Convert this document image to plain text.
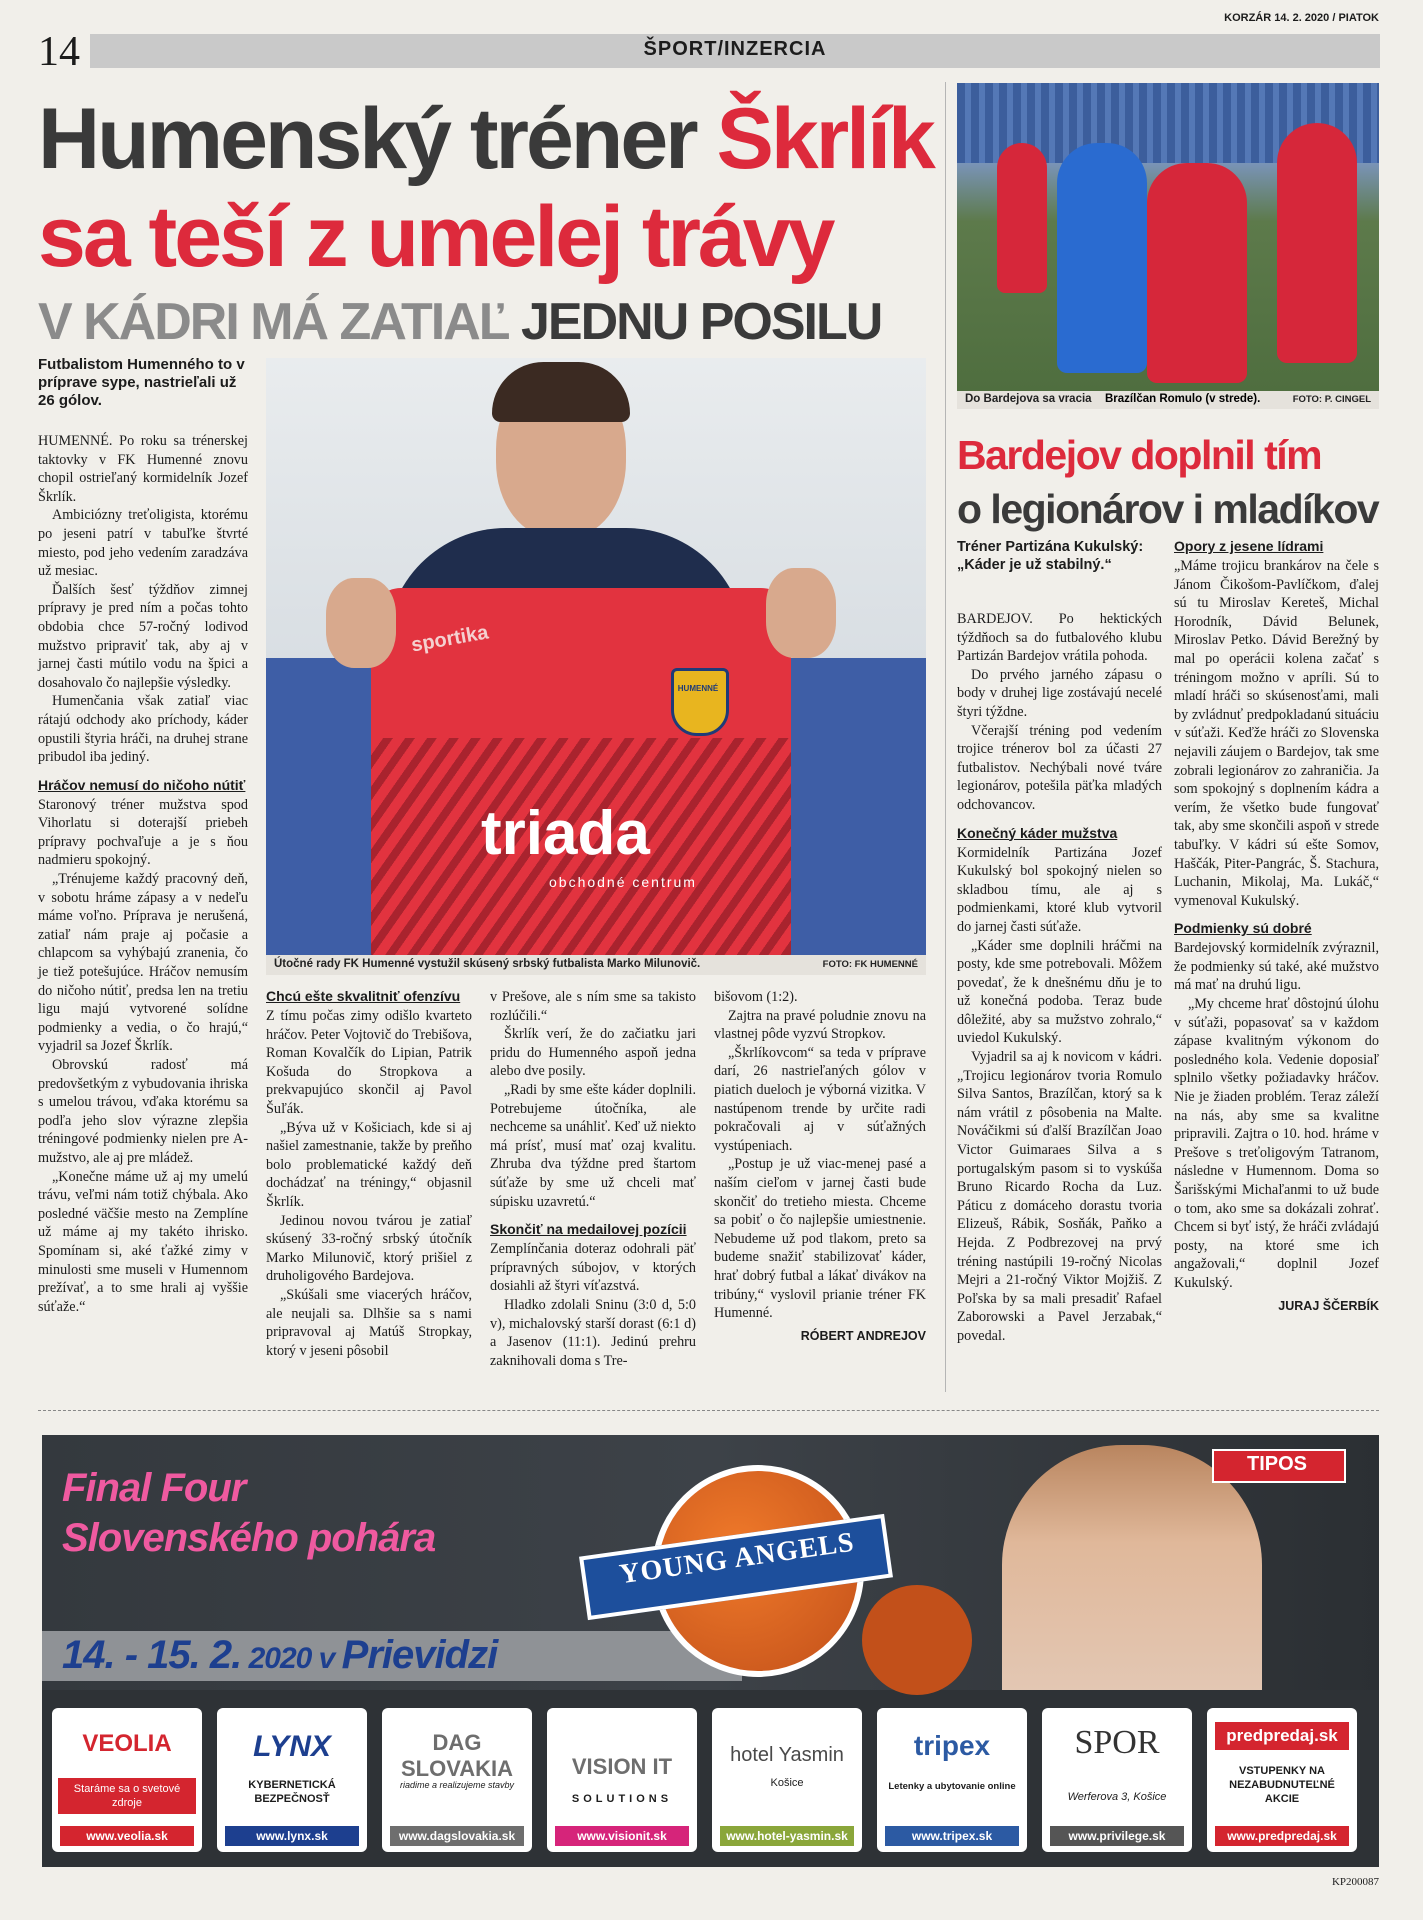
14
KORZÁR 14. 2. 2020 / PIATOK
ŠPORT/INZERCIA
Humenský tréner Škrlík
sa teší z umelej trávy
V KÁDRI MÁ ZATIAĽ JEDNU POSILU
Futbalistom Humenného to v príprave sype, nastrieľali už 26 gólov.
sportika
HUMENNÉ
triada
obchodné centrum
Útočné rady FK Humenné vystužil skúsený srbský futbalista Marko Milunovič.	FOTO: FK HUMENNÉ

HUMENNÉ. Po roku sa trénerskej taktovky v FK Humenné znovu chopil ostrieľaný kormidelník Jozef Škrlík.

Ambiciózny treťoligista, ktorému po jeseni patrí v tabuľke štvrté miesto, pod jeho vedením zaradzáva už mesiac.

Ďalších šesť týždňov zimnej prípravy je pred ním a počas tohto obdobia chce 57-ročný lodivod mužstvo pripraviť tak, aby aj v jarnej časti mútilo vodu na špici a dosahovalo čo najlepšie výsledky.

Humenčania však zatiaľ viac rátajú odchody ako príchody, káder opustili štyria hráči, na druhej strane pribudol iba jediný.

Hráčov nemusí do ničoho nútiť

Staronový tréner mužstva spod Vihorlatu si doterajší priebeh prípravy pochvaľuje a je s ňou nadmieru spokojný.

„Trénujeme každý pracovný deň, v sobotu hráme zápasy a v nedeľu máme voľno. Príprava je nerušená, zatiaľ nám praje aj počasie a chlapcom sa vyhýbajú zranenia, čo je tiež potešujúce. Hráčov nemusím do ničoho nútiť, predsa len na tretiu ligu majú vytvorené solídne podmienky a vedia, o čo hrajú,“ vyjadril sa Jozef Škrlík.

Obrovskú radosť má predovšetkým z vybudovania ihriska s umelou trávou, vďaka ktorému sa podľa jeho slov výrazne zlepšia tréningové podmienky nielen pre A-mužstvo, ale aj pre mládež.

„Konečne máme už aj my umelú trávu, veľmi nám totiž chýbala. Ako posledné väčšie mesto na Zemplíne už máme aj my takéto ihrisko. Spomínam si, aké ťažké zimy v minulosti sme museli v Humennom prežívať, a to sme hrali aj vyššie súťaže.“

Chcú ešte skvalitniť ofenzívu

Z tímu počas zimy odišlo kvarteto hráčov. Peter Vojtovič do Trebišova, Roman Kovalčík do Lipian, Patrik Košuda do Stropkova a prekvapujúco skončil aj Pavol Šuľák.

„Býva už v Košiciach, kde si aj našiel zamestnanie, takže by preňho bolo problematické každý deň dochádzať na tréningy,“ objasnil Škrlík.

Jedinou novou tvárou je zatiaľ skúsený 33-ročný srbský útočník Marko Milunovič, ktorý prišiel z druholigového Bardejova.

„Skúšali sme viacerých hráčov, ale neujali sa. Dlhšie sa s nami pripravoval aj Matúš Stropkay, ktorý v jeseni pôsobil

v Prešove, ale s ním sme sa takisto rozlúčili.“

Škrlík verí, že do začiatku jari pridu do Humenného aspoň jedna alebo dve posily.

„Radi by sme ešte káder doplnili. Potrebujeme útočníka, ale nechceme sa unáhliť. Keď už niekto má prísť, musí mať ozaj kvalitu. Zhruba dva týždne pred štartom súťaže by sme už chceli mať súpisku uzavretú.“

Skončiť na medailovej pozícii

Zemplínčania doteraz odohrali päť prípravných súbojov, v ktorých dosiahli až štyri víťazstvá.

Hladko zdolali Sninu (3:0 d, 5:0 v), michalovský starší dorast (6:1 d) a Jasenov (11:1). Jedinú prehru zaknihovali doma s Tre-

bišovom (1:2).

Zajtra na pravé poludnie znovu na vlastnej pôde vyzvú Stropkov.

„Škrlíkovcom“ sa teda v príprave darí, 26 nastrieľaných gólov v piatich dueloch je výborná vizitka. V nastúpenom trende by určite radi pokračovali aj v súťažných vystúpeniach.

„Postup je už viac-menej pasé a naším cieľom v jarnej časti bude skončiť do tretieho miesta. Chceme sa pobiť o čo najlepšie umiestnenie. Nebudeme už pod tlakom, preto sa budeme snažiť stabilizovať káder, hrať dobrý futbal a lákať divákov na tribúny,“ vyslovil prianie tréner FK Humenné.

RÓBERT ANDREJOV
Do Bardejova sa vracia Brazílčan Romulo (v strede).	FOTO: P. CINGEL
Bardejov doplnil tím
o legionárov i mladíkov
Tréner Partizána Kukulský: „Káder je už stabilný.“

BARDEJOV. Po hektických týždňoch sa do futbalového klubu Partizán Bardejov vrátila pohoda.

Do prvého jarného zápasu o body v druhej lige zostávajú necelé štyri týždne.

Včerajší tréning pod vedením trojice trénerov bol za účasti 27 futbalistov. Nechýbali nové tváre legionárov, potešila päťka mladých odchovancov.

Konečný káder mužstva

Kormidelník Partizána Jozef Kukulský bol spokojný nielen so skladbou tímu, ale aj s podmienkami, ktoré klub vytvoril do jarnej časti súťaže.

„Káder sme doplnili hráčmi na posty, kde sme potrebovali. Môžem povedať, že k dnešnému dňu je to už konečná podoba. Teraz bude dôležité, aby sa mužstvo zohralo,“ uviedol Kukulský.

Vyjadril sa aj k novicom v kádri. „Trojicu legionárov tvoria Romulo Silva Santos, Brazílčan, ktorý sa k nám vrátil z pôsobenia na Malte. Nováčikmi sú ďalší Brazílčan Joao Victor Guimaraes Silva a s portugalským pasom si to vyskúša Bruno Ricardo Rocha da Luz. Páticu z domáceho dorastu tvoria Elizeuš, Rábik, Sosňák, Paňko a Hejda. Z Podbrezovej na prvý tréning nastúpili 19-ročný Nicolas Mejri a 21-ročný Viktor Mojžiš. Z Poľska by sa mali presadiť Rafael Zaborowski a Pavel Jerzabak,“ povedal.

Opory z jesene lídrami

„Máme trojicu brankárov na čele s Jánom Čikošom-Pavlíčkom, ďalej sú tu Miroslav Kereteš, Michal Horodník, Dávid Belunek, Miroslav Petko. Dávid Berežný by mal po operácii kolena začať s tréningom možno v apríli. Sú to mladí hráči so skúsenosťami, mali by zvládnuť predpokladanú situáciu v súťaži. Keďže hráči zo Slovenska nejavili záujem o Bardejov, tak sme zobrali legionárov zo zahraničia. Ja som spokojný s doplnením kádra a verím, že všetko bude fungovať tak, aby sme skončili aspoň v strede tabuľky. V kádri sú ešte Somov, Haščák, Piter-Pangrác, Š. Stachura, Luchanin, Mikolaj, Ma. Lukáč,“ vymenoval Kukulský.

Podmienky sú dobré

Bardejovský kormidelník zvýraznil, že podmienky sú také, aké mužstvo má mať na druhú ligu.

„My chceme hrať dôstojnú úlohu v súťaži, popasovať sa v každom zápase kvalitným výkonom do posledného kola. Vedenie doposiaľ splnilo všetky požiadavky hráčov. Nie je žiaden problém. Teraz záleží na nás, aby sme sa kvalitne pripravili. Zajtra o 10. hod. hráme v Prešove s treťoligovým Tatranom, následne v Humennom. Doma so Šarišskými Michaľanmi to už bude o tom, ako sme sa dokázali zohrať. Chcem si byť istý, že hráči zvládajú posty, na ktoré sme ich angažovali,“ doplnil Jozef Kukulský.

JURAJ ŠČERBÍK
Final Four
Slovenského pohára
14. - 15. 2. 2020 v Prievidzi
YOUNG ANGELS
TIPOS
VEOLIA
Staráme sa o svetové zdroje
www.veolia.sk
LYNX
KYBERNETICKÁ BEZPEČNOSŤ
www.lynx.sk
DAG SLOVAKIA
riadime a realizujeme stavby
www.dagslovakia.sk
VISION IT
SOLUTIONS
www.visionit.sk
hotel Yasmin
Košice
www.hotel-yasmin.sk
tripex
Letenky a ubytovanie online
www.tripex.sk
SPOR
Werferova 3, Košice
www.privilege.sk
predpredaj.sk
VSTUPENKY NA NEZABUDNUTEĽNÉ AKCIE
www.predpredaj.sk
KP200087
